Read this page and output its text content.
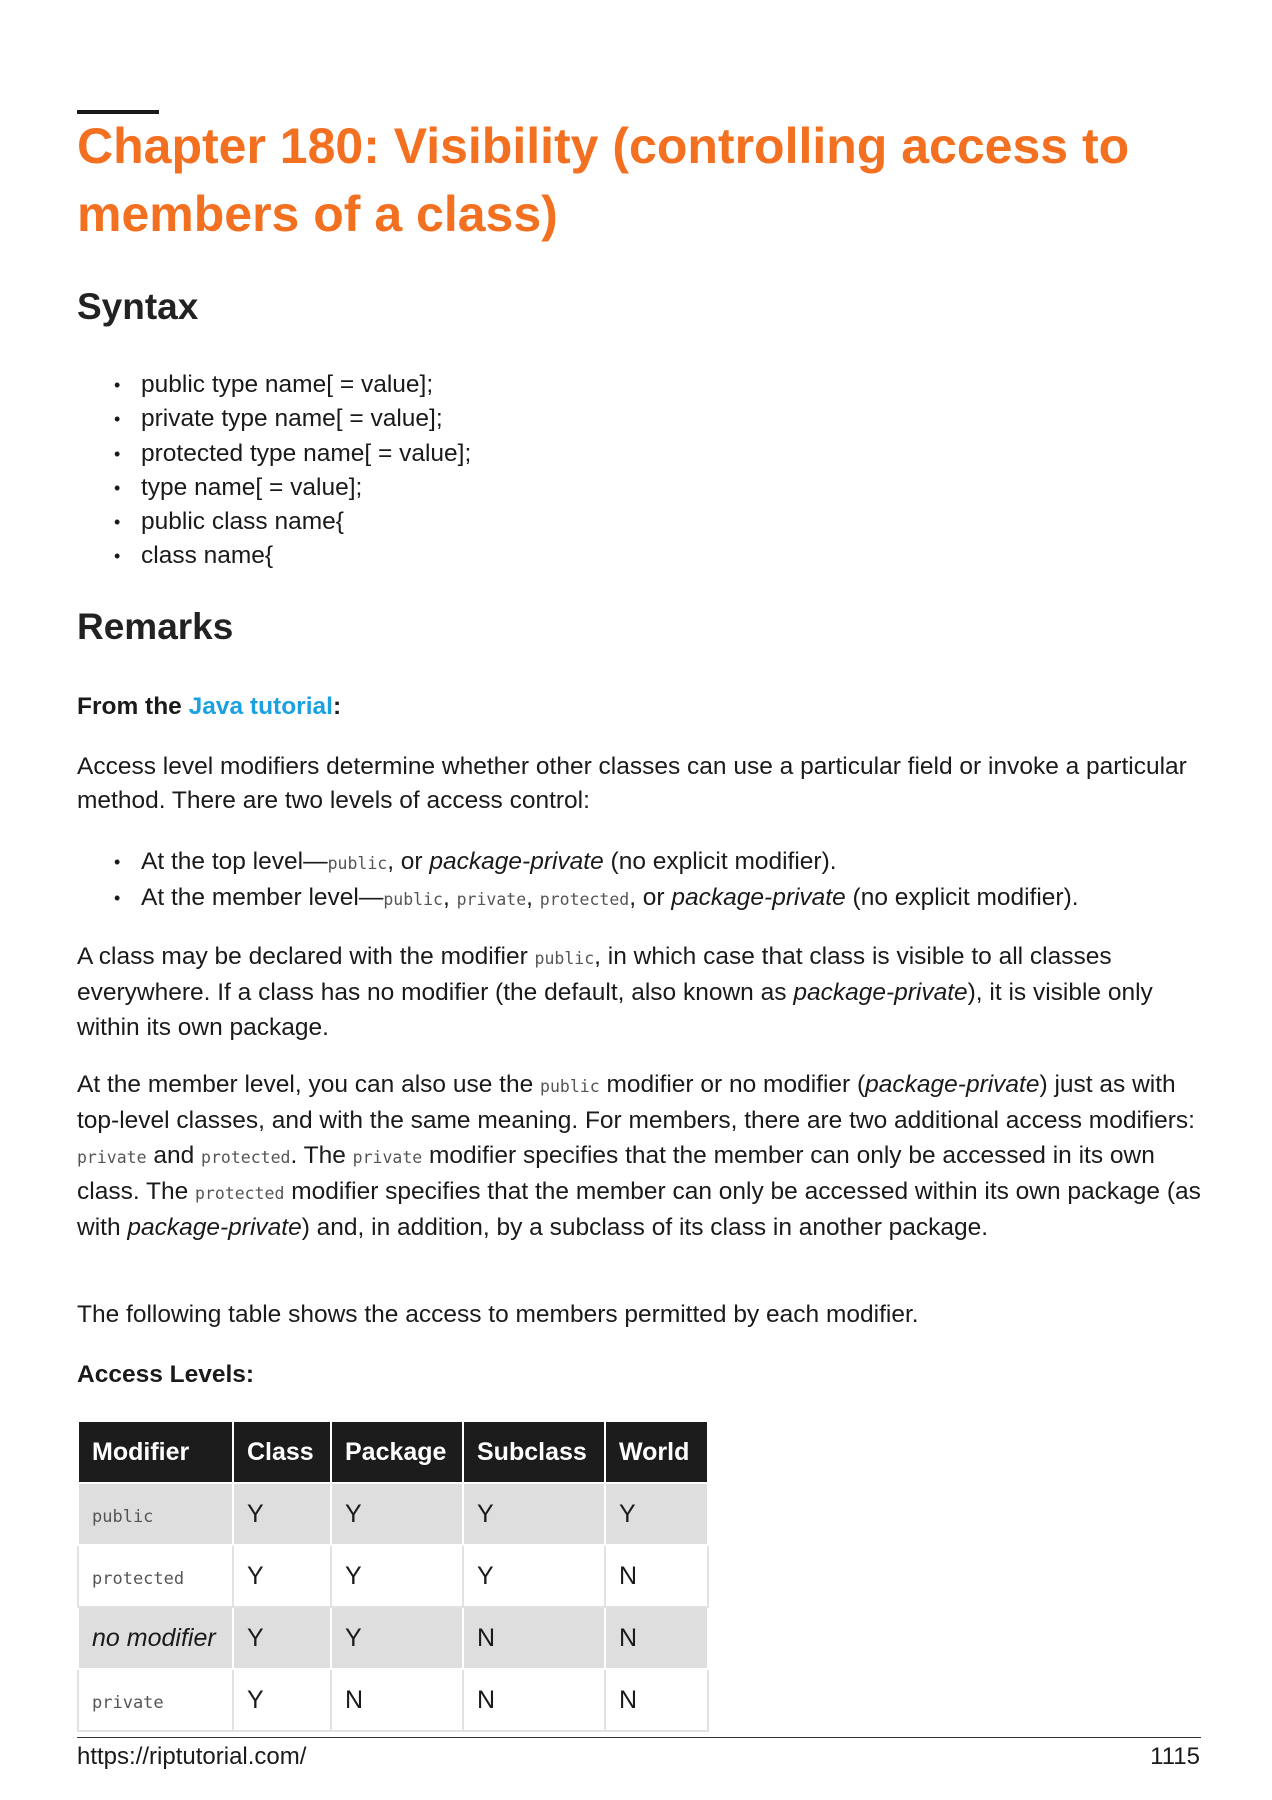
Chapter 180: Visibility (controlling access to members of a class)
Syntax
• public type name[ = value];
• private type name[ = value];
• protected type name[ = value];
• type name[ = value];
• public class name{
• class name{
Remarks

From the Java tutorial:

Access level modifiers determine whether other classes can use a particular field or invoke a particular method. There are two levels of access control:

• At the top level—public, or package-private (no explicit modifier).
• At the member level—public, private, protected, or package-private (no explicit modifier).

A class may be declared with the modifier public, in which case that class is visible to all classes everywhere. If a class has no modifier (the default, also known as package-private), it is visible only within its own package.

At the member level, you can also use the public modifier or no modifier (package-private) just as with top-level classes, and with the same meaning. For members, there are two additional access modifiers: private and protected. The private modifier specifies that the member can only be accessed in its own class. The protected modifier specifies that the member can only be accessed within its own package (as with package-private) and, in addition, by a subclass of its class in another package.

The following table shows the access to members permitted by each modifier.

Access Levels:

Modifier	Class	Package	Subclass	World
public	Y	Y	Y	Y
protected	Y	Y	Y	N
no modifier	Y	Y	N	N
private	Y	N	N	N
https://riptutorial.com/	1115
